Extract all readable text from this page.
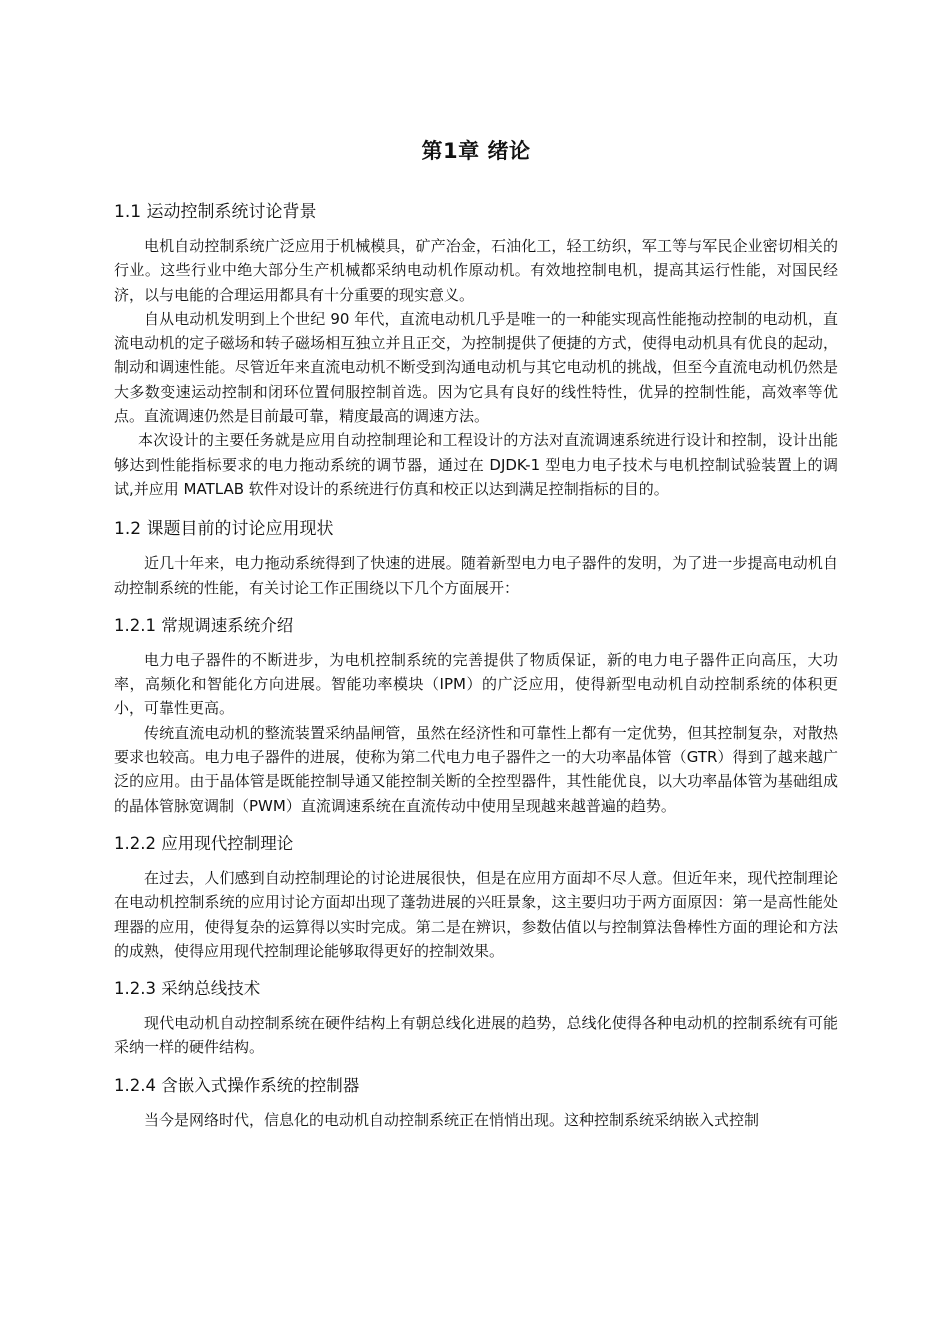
第1章 绪论
1.1 运动控制系统讨论背景

电机自动控制系统广泛应用于机械模具，矿产冶金，石油化工，轻工纺织，军工等与军民企业密切相关的行业。这些行业中绝大部分生产机械都采纳电动机作原动机。有效地控制电机，提高其运行性能，对国民经济，以与电能的合理运用都具有十分重要的现实意义。

自从电动机发明到上个世纪 90 年代，直流电动机几乎是唯一的一种能实现高性能拖动控制的电动机，直流电动机的定子磁场和转子磁场相互独立并且正交，为控制提供了便捷的方式，使得电动机具有优良的起动，制动和调速性能。尽管近年来直流电动机不断受到沟通电动机与其它电动机的挑战，但至今直流电动机仍然是大多数变速运动控制和闭环位置伺服控制首选。因为它具有良好的线性特性，优异的控制性能，高效率等优点。直流调速仍然是目前最可靠，精度最高的调速方法。

本次设计的主要任务就是应用自动控制理论和工程设计的方法对直流调速系统进行设计和控制，设计出能够达到性能指标要求的电力拖动系统的调节器，通过在 DJDK-1 型电力电子技术与电机控制试验装置上的调试,并应用 MATLAB 软件对设计的系统进行仿真和校正以达到满足控制指标的目的。

1.2 课题目前的讨论应用现状

近几十年来，电力拖动系统得到了快速的进展。随着新型电力电子器件的发明，为了进一步提高电动机自动控制系统的性能，有关讨论工作正围绕以下几个方面展开：

1.2.1 常规调速系统介绍

电力电子器件的不断进步，为电机控制系统的完善提供了物质保证，新的电力电子器件正向高压，大功率，高频化和智能化方向进展。智能功率模块（IPM）的广泛应用，使得新型电动机自动控制系统的体积更小，可靠性更高。

传统直流电动机的整流装置采纳晶闸管，虽然在经济性和可靠性上都有一定优势，但其控制复杂，对散热要求也较高。电力电子器件的进展，使称为第二代电力电子器件之一的大功率晶体管（GTR）得到了越来越广泛的应用。由于晶体管是既能控制导通又能控制关断的全控型器件，其性能优良，以大功率晶体管为基础组成的晶体管脉宽调制（PWM）直流调速系统在直流传动中使用呈现越来越普遍的趋势。

1.2.2 应用现代控制理论

在过去，人们感到自动控制理论的讨论进展很快，但是在应用方面却不尽人意。但近年来，现代控制理论在电动机控制系统的应用讨论方面却出现了蓬勃进展的兴旺景象，这主要归功于两方面原因：第一是高性能处理器的应用，使得复杂的运算得以实时完成。第二是在辨识，参数估值以与控制算法鲁棒性方面的理论和方法的成熟，使得应用现代控制理论能够取得更好的控制效果。

1.2.3 采纳总线技术

现代电动机自动控制系统在硬件结构上有朝总线化进展的趋势，总线化使得各种电动机的控制系统有可能采纳一样的硬件结构。

1.2.4 含嵌入式操作系统的控制器

当今是网络时代，信息化的电动机自动控制系统正在悄悄出现。这种控制系统采纳嵌入式控制
